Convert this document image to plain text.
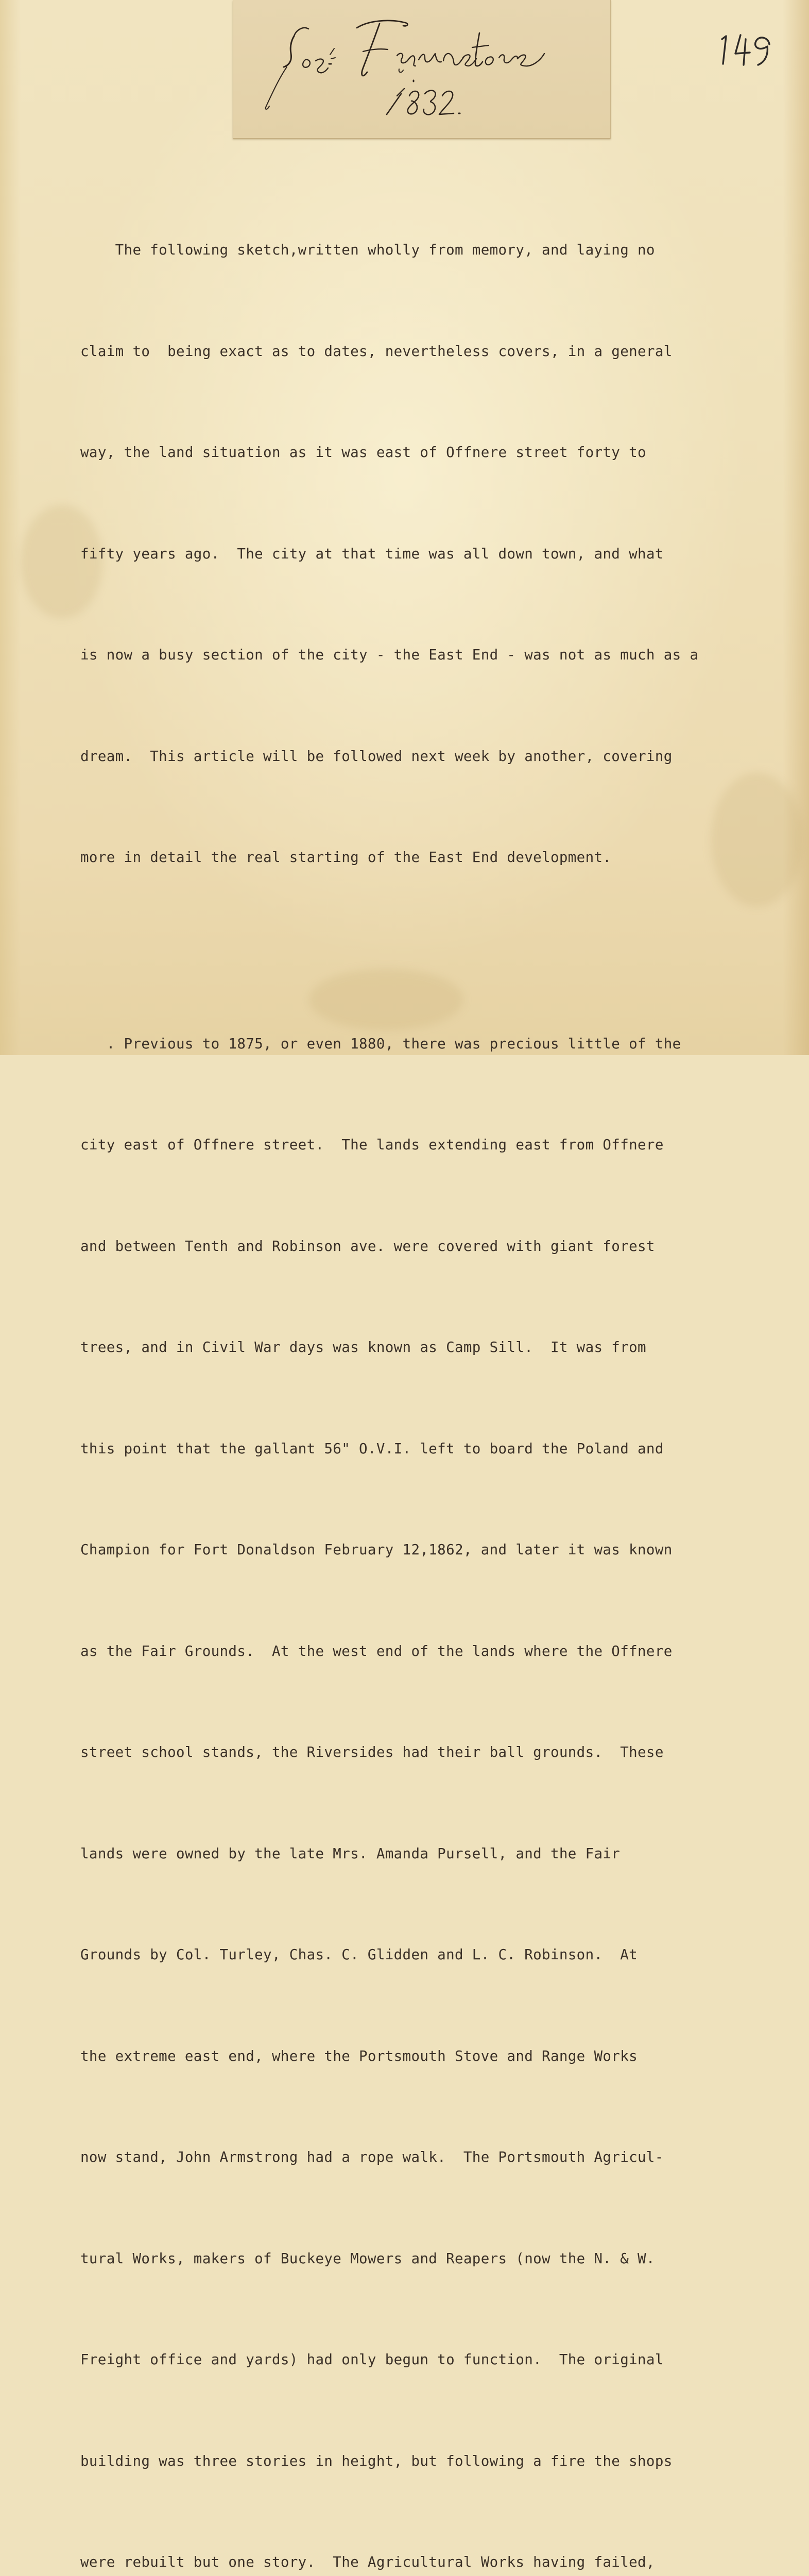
The following sketch,written wholly from memory, and laying no

claim to  being exact as to dates, nevertheless covers, in a general

way, the land situation as it was east of Offnere street forty to

fifty years ago.  The city at that time was all down town, and what

is now a busy section of the city - the East End - was not as much as a

dream.  This article will be followed next week by another, covering

more in detail the real starting of the East End development.

. Previous to 1875, or even 1880, there was precious little of the

city east of Offnere street.  The lands extending east from Offnere

and between Tenth and Robinson ave. were covered with giant forest

trees, and in Civil War days was known as Camp Sill.  It was from

this point that the gallant 56" O.V.I. left to board the Poland and

Champion for Fort Donaldson February 12,1862, and later it was known

as the Fair Grounds.  At the west end of the lands where the Offnere

street school stands, the Riversides had their ball grounds.  These

lands were owned by the late Mrs. Amanda Pursell, and the Fair

Grounds by Col. Turley, Chas. C. Glidden and L. C. Robinson.  At

the extreme east end, where the Portsmouth Stove and Range Works

now stand, John Armstrong had a rope walk.  The Portsmouth Agricul-

tural Works, makers of Buckeye Mowers and Reapers (now the N. & W.

Freight office and yards) had only begun to function.  The original

building was three stories in height, but following a fire the shops

were rebuilt but one story.  The Agricultural Works having failed,
